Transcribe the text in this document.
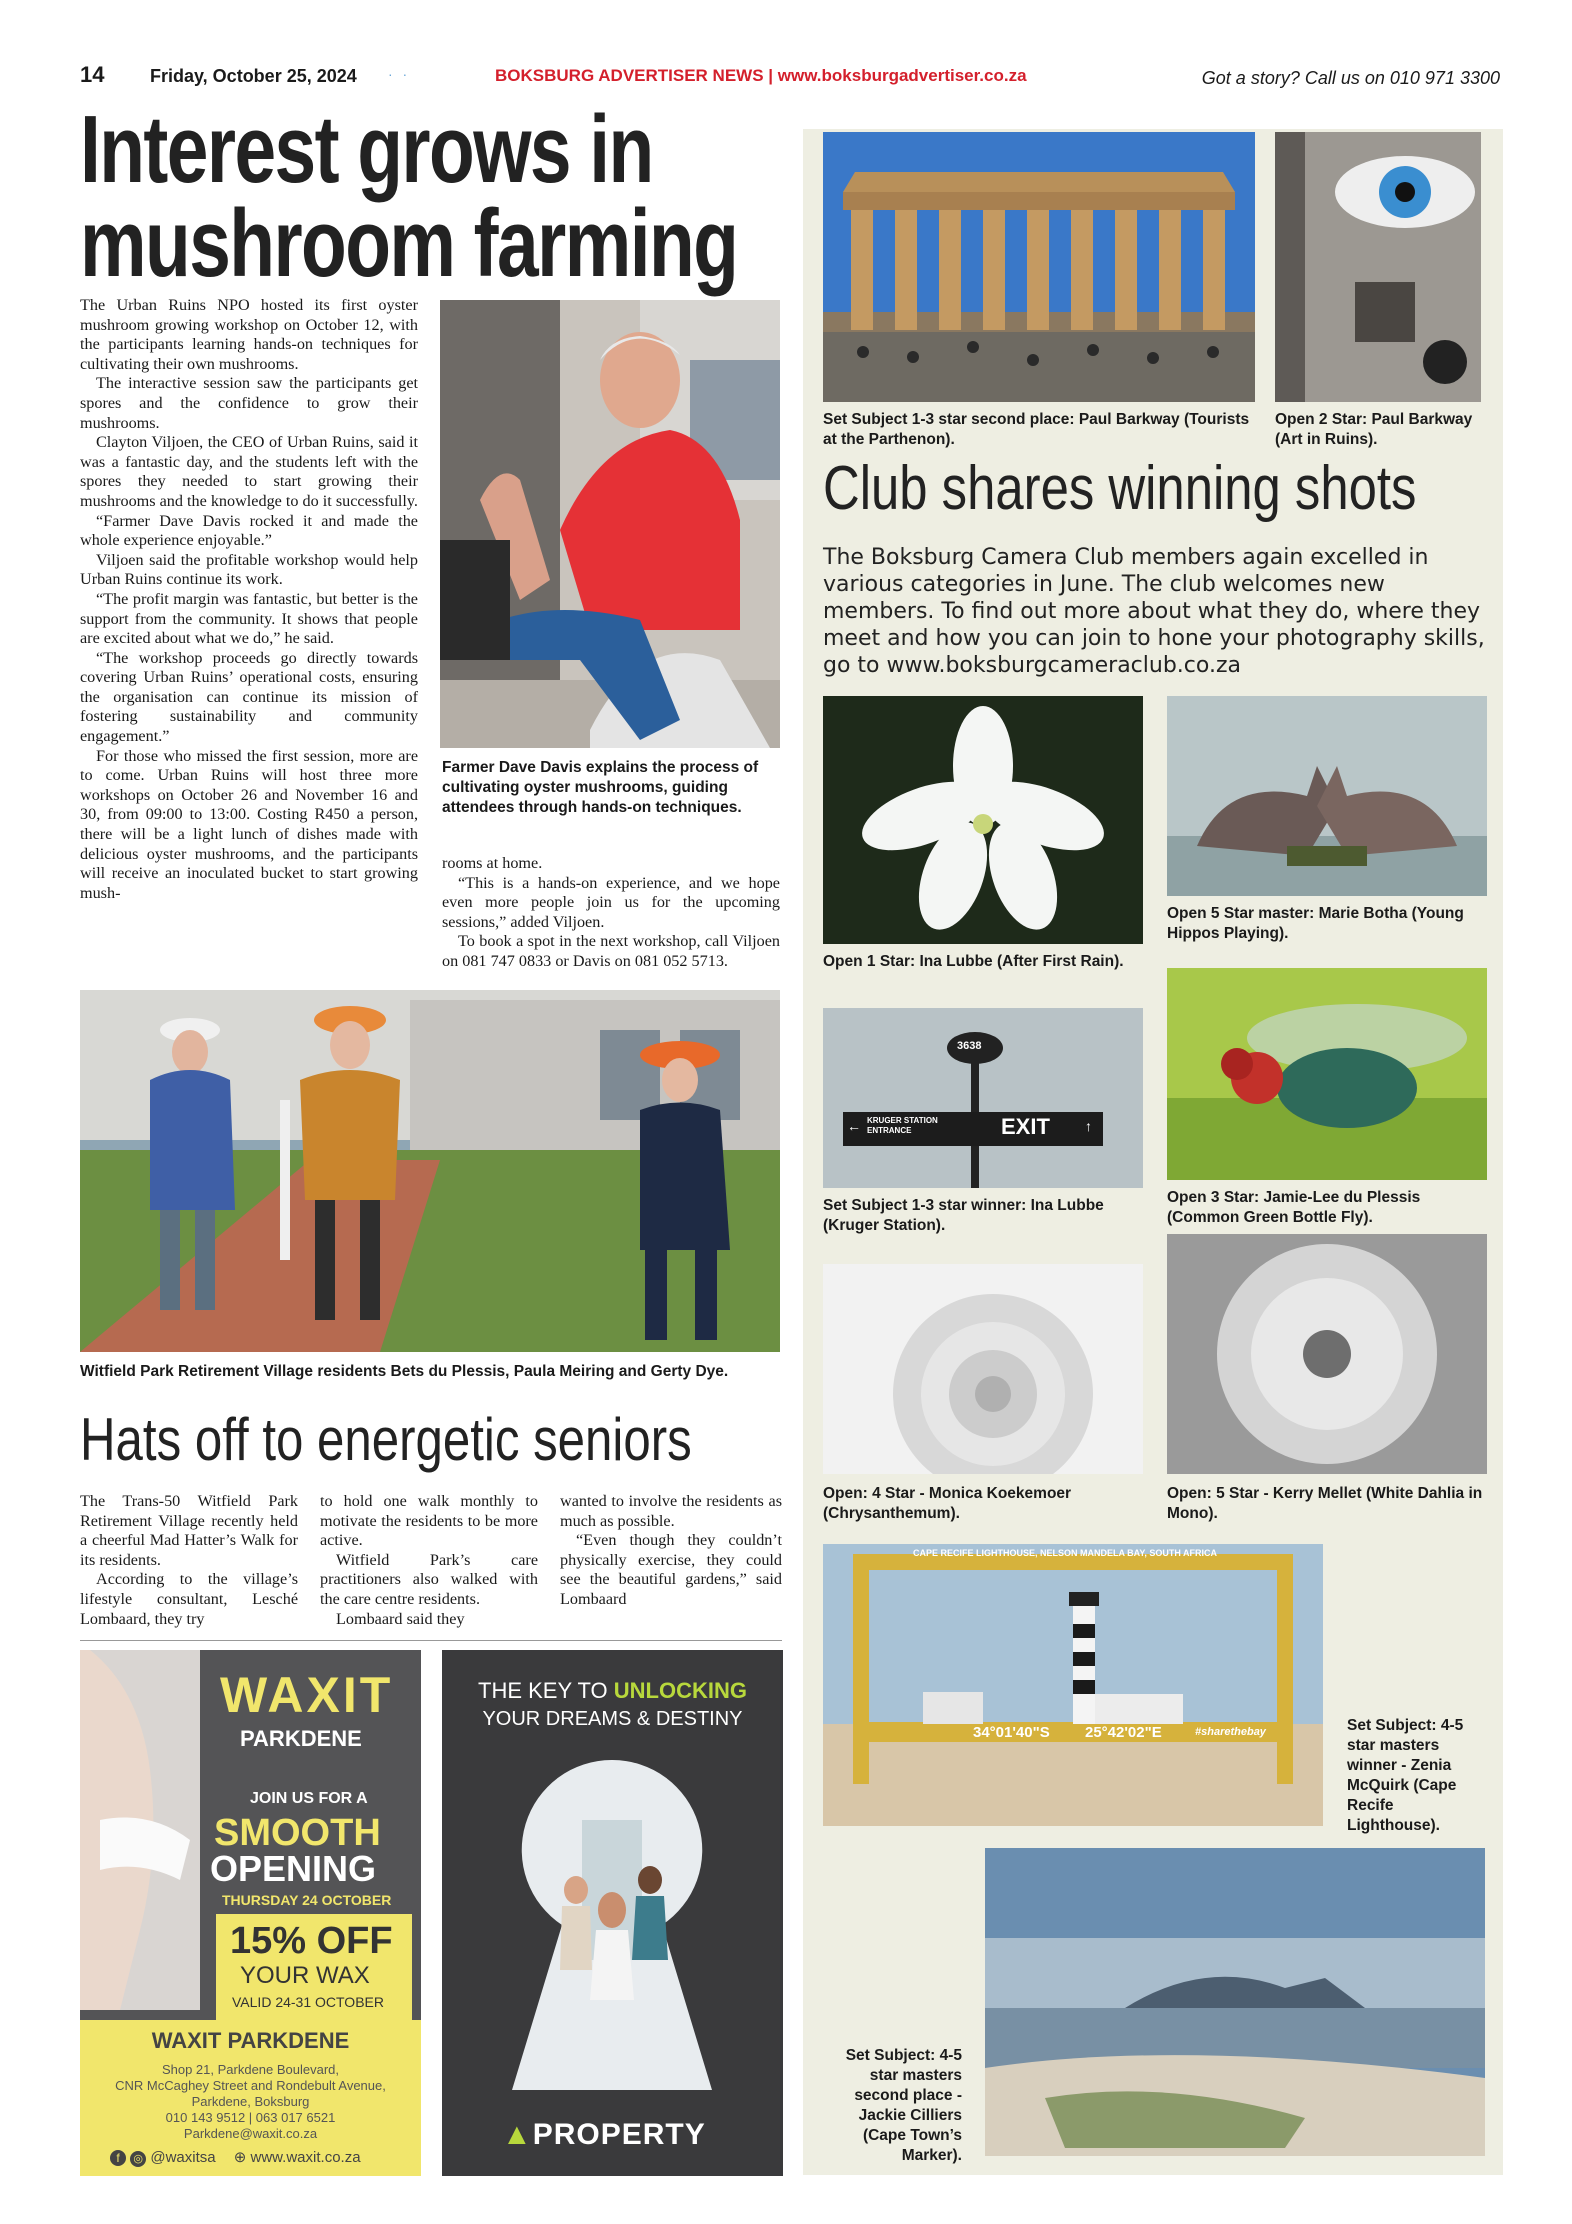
14	Friday, October 25, 2024 · ·	BOKSBURG ADVERTISER NEWS | www.boksburgadvertiser.co.za	Got a story? Call us on 010 971 3300
Interest grows in
mushroom farming

The Urban Ruins NPO hosted its first oyster mushroom growing workshop on October 12, with the participants learning hands-on techniques for cultivating their own mushrooms.

The interactive session saw the participants get spores and the confidence to grow their mushrooms.

Clayton Viljoen, the CEO of Urban Ruins, said it was a fantastic day, and the students left with the spores they needed to start growing their mushrooms and the knowledge to do it successfully.

“Farmer Dave Davis rocked it and made the whole experience enjoyable.”

Viljoen said the profitable workshop would help Urban Ruins continue its work.

“The profit margin was fantastic, but better is the support from the community. It shows that people are excited about what we do,” he said.

“The workshop proceeds go directly towards covering Urban Ruins’ operational costs, ensuring the organisation can continue its mission of fostering sustainability and community engagement.”

For those who missed the first session, more are to come. Urban Ruins will host three more workshops on October 26 and November 16 and 30, from 09:00 to 13:00. Costing R450 a person, there will be a light lunch of dishes made with delicious oyster mushrooms, and the participants will receive an inoculated bucket to start growing mush-

Farmer Dave Davis explains the process of cultivating oyster mushrooms, guiding attendees through hands-on techniques.

rooms at home.

“This is a hands-on experience, and we hope even more people join us for the upcoming sessions,” added Viljoen.

To book a spot in the next workshop, call Viljoen on 081 747 0833 or Davis on 081 052 5713.

Witfield Park Retirement Village residents Bets du Plessis, Paula Meiring and Gerty Dye.
Hats off to energetic seniors

The Trans-50 Witfield Park Retirement Village recently held a cheerful Mad Hatter’s Walk for its residents.

According to the village’s lifestyle consultant, Lesché Lombaard, they try

to hold one walk monthly to motivate the residents to be more active.

Witfield Park’s care practitioners also walked with the care centre residents.

Lombaard said they

wanted to involve the residents as much as possible.

“Even though they couldn’t physically exercise, they could see the beautiful gardens,” said Lombaard

WAXIT
PARKDENE
JOIN US FOR A
SMOOTH
OPENING
THURSDAY 24 OCTOBER
15% OFF
YOUR WAX
VALID 24-31 OCTOBER
WAXIT PARKDENE
Shop 21, Parkdene Boulevard,
CNR McCaghey Street and Rondebult Avenue,
Parkdene, Boksburg
010 143 9512 | 063 017 6521
Parkdene@waxit.co.za
f ◎ @waxitsa ⊕ www.waxit.co.za
THE KEY TO UNLOCKING
YOUR DREAMS & DESTINY
▲PROPERTY
Set Subject 1-3 star second place: Paul Barkway (Tourists at the Parthenon).
Open 2 Star: Paul Barkway (Art in Ruins).
Club shares winning shots
The Boksburg Camera Club members again excelled in various categories in June. The club welcomes new members. To find out more about what they do, where they meet and how you can join to hone your photography skills, go to www.boksburgcameraclub.co.za
Open 1 Star: Ina Lubbe (After First Rain).
Open 5 Star master: Marie Botha (Young Hippos Playing).
3638
← KRUGER STATION
ENTRANCE	EXIT	↑
Set Subject 1-3 star winner: Ina Lubbe (Kruger Station).
Open 3 Star: Jamie-Lee du Plessis (Common Green Bottle Fly).
Open: 4 Star - Monica Koekemoer (Chrysanthemum).
Open: 5 Star - Kerry Mellet (White Dahlia in Mono).
CAPE RECIFE LIGHTHOUSE, NELSON MANDELA BAY, SOUTH AFRICA
34°01'40"S 25°42'02"E	#sharethebay	Set Subject: 4-5 star masters winner - Zenia McQuirk (Cape Recife Lighthouse).
Set Subject: 4-5 star masters second place - Jackie Cilliers (Cape Town’s Marker).
